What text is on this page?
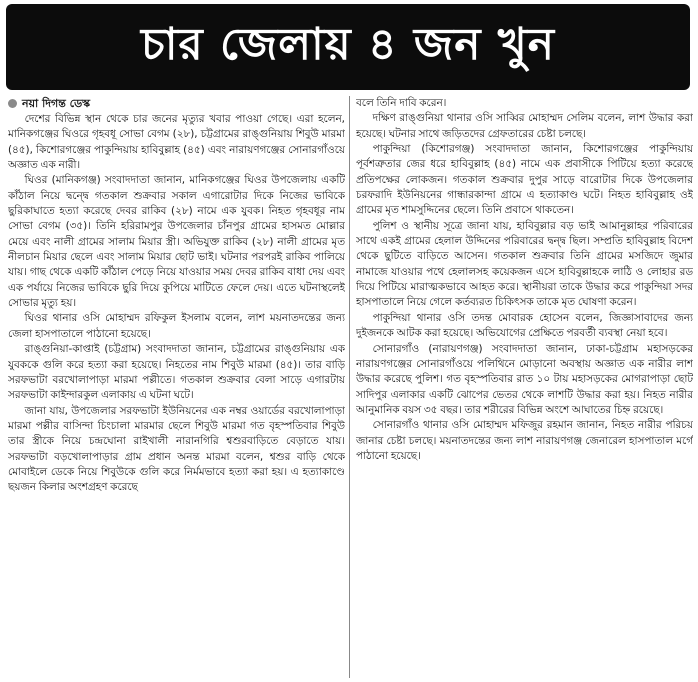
চার জেলায় ৪ জন খুন
নয়া দিগন্ত ডেস্ক

দেশের বিভিন্ন স্থান থেকে চার জনের মৃত্যুর খবার পাওয়া গেছে। এরা হলেন, মানিকগঞ্জের ঘিওরে গৃহবধূ সোভা বেগম (২৮), চট্টগ্রামের রাঙ্গুনিয়ায় শিবুউ মারমা (৪৫), কিশোরগঞ্জের পাকুন্দিয়ায় হাবিবুল্লাহ (৪৫) এবং নারায়ণগঞ্জের সোনারগাঁওয়ে অজ্ঞাত এক নারী।

ঘিওর (মানিকগঞ্জ) সংবাদদাতা জানান, মানিকগঞ্জের ঘিওর উপজেলায় একটি কাঁঠাল নিয়ে দ্বন্দ্বে গতকাল শুক্রবার সকাল এগারোটার দিকে নিজের ভাবিকে ছুরিকাঘাতে হত্যা করেছে দেবর রাকিব (২৮) নামে এক যুবক। নিহত গৃহবধূর নাম সোভা বেগম (৩৫)। তিনি হরিরামপুর উপজেলার চাঁনপুর গ্রামের হাসমত মোল্লার মেয়ে এবং নালী গ্রামের সালাম মিয়ার স্ত্রী। অভিযুক্ত রাকিব (২৮) নালী গ্রামের মৃত নীলচান মিয়ার ছেলে এবং সালাম মিয়ার ছোট ভাই। ঘটনার পরপরই রাকিব পালিয়ে যায়। গাছ থেকে একটি কাঁঠাল পেড়ে নিয়ে যাওয়ার সময় দেবর রাকিব বাধা দেয় এবং এক পর্যায়ে নিজের ভাবিকে ছুরি দিয়ে কুপিয়ে মাটিতে ফেলে দেয়। এতে ঘটনাস্থলেই সোভার মৃত্যু হয়।

ঘিওর থানার ওসি মোহাম্মদ রফিকুল ইসলাম বলেন, লাশ ময়নাতদন্তের জন্য জেলা হাসপাতালে পাঠানো হয়েছে।

রাঙ্গুনিয়া-কাপ্তাই (চট্টগ্রাম) সংবাদদাতা জানান, চট্টগ্রামের রাঙ্গুনিয়ায় এক যুবককে গুলি করে হত্যা করা হয়েছে। নিহতের নাম শিবুউ মারমা (৪৫)। তার বাড়ি সরফভাটা বরখোলাপাড়া মারমা পল্লীতে। গতকাল শুক্রবার বেলা সাড়ে এগারটায় সরফভাটা কাইন্দারকুল এলাকায় এ ঘটনা ঘটে।

জানা যায়, উপজেলার সরফভাটা ইউনিয়নের এক নম্বর ওয়ার্ডের বরখোলাপাড়া মারমা পল্লীর বাসিন্দা চিংচালা মারমার ছেলে শিবুউ মারমা গত বৃহস্পতিবার শিবুউ তার স্ত্রীকে নিয়ে চন্দ্রঘোনা রাইখালী নারানগিরি শ্বশুরবাড়িতে বেড়াতে যায়। সরফভাটা বড়খোলাপাড়ার গ্রাম প্রধান অনন্ত মারমা বলেন, শ্বশুর বাড়ি থেকে মোবাইলে ডেকে নিয়ে শিবুউকে গুলি করে নির্মমভাবে হত্যা করা হয়। এ হত্যাকাণ্ডে ছয়জন কিলার অংশগ্রহণ করেছে

বলে তিনি দাবি করেন।

দক্ষিণ রাঙ্গুনিয়া থানার ওসি সাব্বির মোহাম্মদ সেলিম বলেন, লাশ উদ্ধার করা হয়েছে। ঘটনার সাথে জড়িতদের গ্রেফতারের চেষ্টা চলছে।

পাকুন্দিয়া (কিশোরগঞ্জ) সংবাদদাতা জানান, কিশোরগঞ্জের পাকুন্দিয়ায় পূর্বশত্রুতার জের ধরে হাবিবুল্লাহ (৪৫) নামে এক প্রবাসীকে পিটিয়ে হত্যা করেছে প্রতিপক্ষের লোকজন। গতকাল শুক্রবার দুপুর সাড়ে বারোটার দিকে উপজেলার চরফরাদি ইউনিয়নের গান্ধারকান্দা গ্রামে এ হত্যাকাণ্ড ঘটে। নিহত হাবিবুল্লাহ ওই গ্রামের মৃত শামসুদ্দিনের ছেলে। তিনি প্রবাসে থাকতেন।

পুলিশ ও স্থানীয় সূত্রে জানা যায়, হাবিবুল্লার বড় ভাই আমানুল্লাহর পরিবারের সাথে একই গ্রামের হেলাল উদ্দিনের পরিবারের দ্বন্দ্ব ছিল। সম্প্রতি হাবিবুল্লাহ বিদেশ থেকে ছুটিতে বাড়িতে আসেন। গতকাল শুক্রবার তিনি গ্রামের মসজিদে জুমার নামাজে যাওয়ার পথে হেলালসহ কয়েকজন এসে হাবিবুল্লাহকে লাঠি ও লোহার রড দিয়ে পিটিয়ে মারাত্মকভাবে আহত করে। স্থানীয়রা তাকে উদ্ধার করে পাকুন্দিয়া সদর হাসপাতালে নিয়ে গেলে কর্তব্যরত চিকিৎসক তাকে মৃত ঘোষণা করেন।

পাকুন্দিয়া থানার ওসি তদন্ত মোবারক হোসেন বলেন, জিজ্ঞাসাবাদের জন্য দুইজনকে আটক করা হয়েছে। অভিযোগের প্রেক্ষিতে পরবর্তী ব্যবস্থা নেয়া হবে।

সোনারগাঁও (নারায়ণগঞ্জ) সংবাদদাতা জানান, ঢাকা-চট্টগ্রাম মহাসড়কের নারায়ণগঞ্জের সোনারগাঁওয়ে পলিথিনে মোড়ানো অবস্থায় অজ্ঞাত এক নারীর লাশ উদ্ধার করেছে পুলিশ। গত বৃহস্পতিবার রাত ১০ টায় মহাসড়কের মোগরাপাড়া ছোট সাদিপুর এলাকার একটি ঝোপের ভেতর থেকে লাশটি উদ্ধার করা হয়। নিহত নারীর আনুমানিক বয়স ৩৫ বছর। তার শরীরের বিভিন্ন অংশে আঘাতের চিহ্ন রয়েছে।

সোনারগাঁও থানার ওসি মোহাম্মদ মফিজুর রহমান জানান, নিহত নারীর পরিচয় জানার চেষ্টা চলছে। ময়নাতদন্তের জন্য লাশ নারায়ণগঞ্জ জেনারেল হাসপাতাল মর্গে পাঠানো হয়েছে।
